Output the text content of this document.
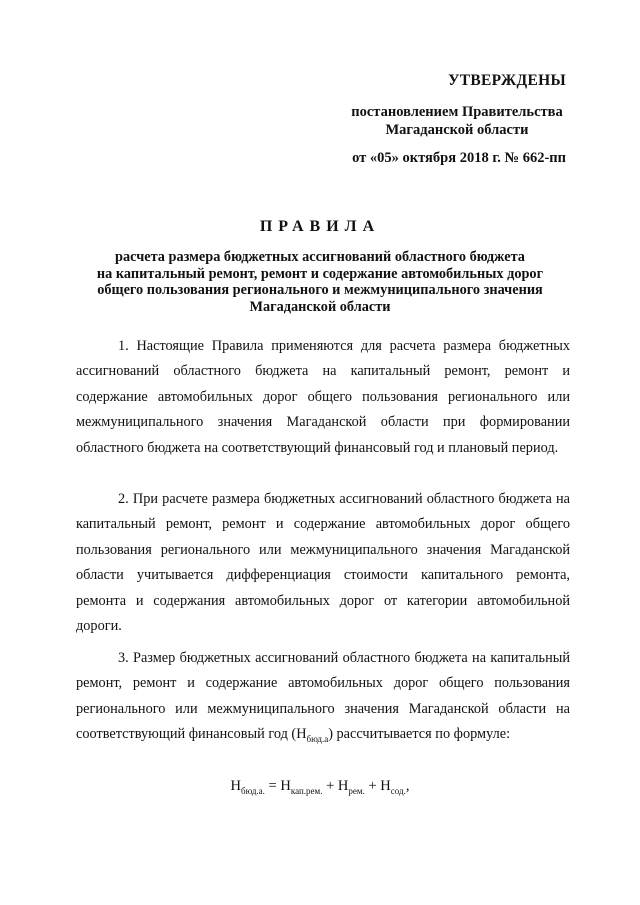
УТВЕРЖДЕНЫ
постановлением Правительства
Магаданской области
от «05» октября 2018 г. № 662-пп
ПРАВИЛА
расчета размера бюджетных ассигнований областного бюджета
на капитальный ремонт, ремонт и содержание автомобильных дорог
общего пользования регионального и межмуниципального значения
Магаданской области

1. Настоящие Правила применяются для расчета размера бюджетных ассигнований областного бюджета на капитальный ремонт, ремонт и содержание автомобильных дорог общего пользования регионального или межмуниципального значения Магаданской области при формировании областного бюджета на соответствующий финансовый год и плановый период.

2. При расчете размера бюджетных ассигнований областного бюджета на капитальный ремонт, ремонт и содержание автомобильных дорог общего пользования регионального или межмуниципального значения Магаданской области учитывается дифференциация стоимости капитального ремонта, ремонта и содержания автомобильных дорог от категории автомобильной дороги.

3. Размер бюджетных ассигнований областного бюджета на капитальный ремонт, ремонт и содержание автомобильных дорог общего пользования регионального или межмуниципального значения Магаданской области на соответствующий финансовый год $(Н_{бюд.а})$ рассчитывается по формуле:

$Н_{бюд.а.} = Н_{кап.рем.} + Н_{рем.} + Н_{сод.}$,
